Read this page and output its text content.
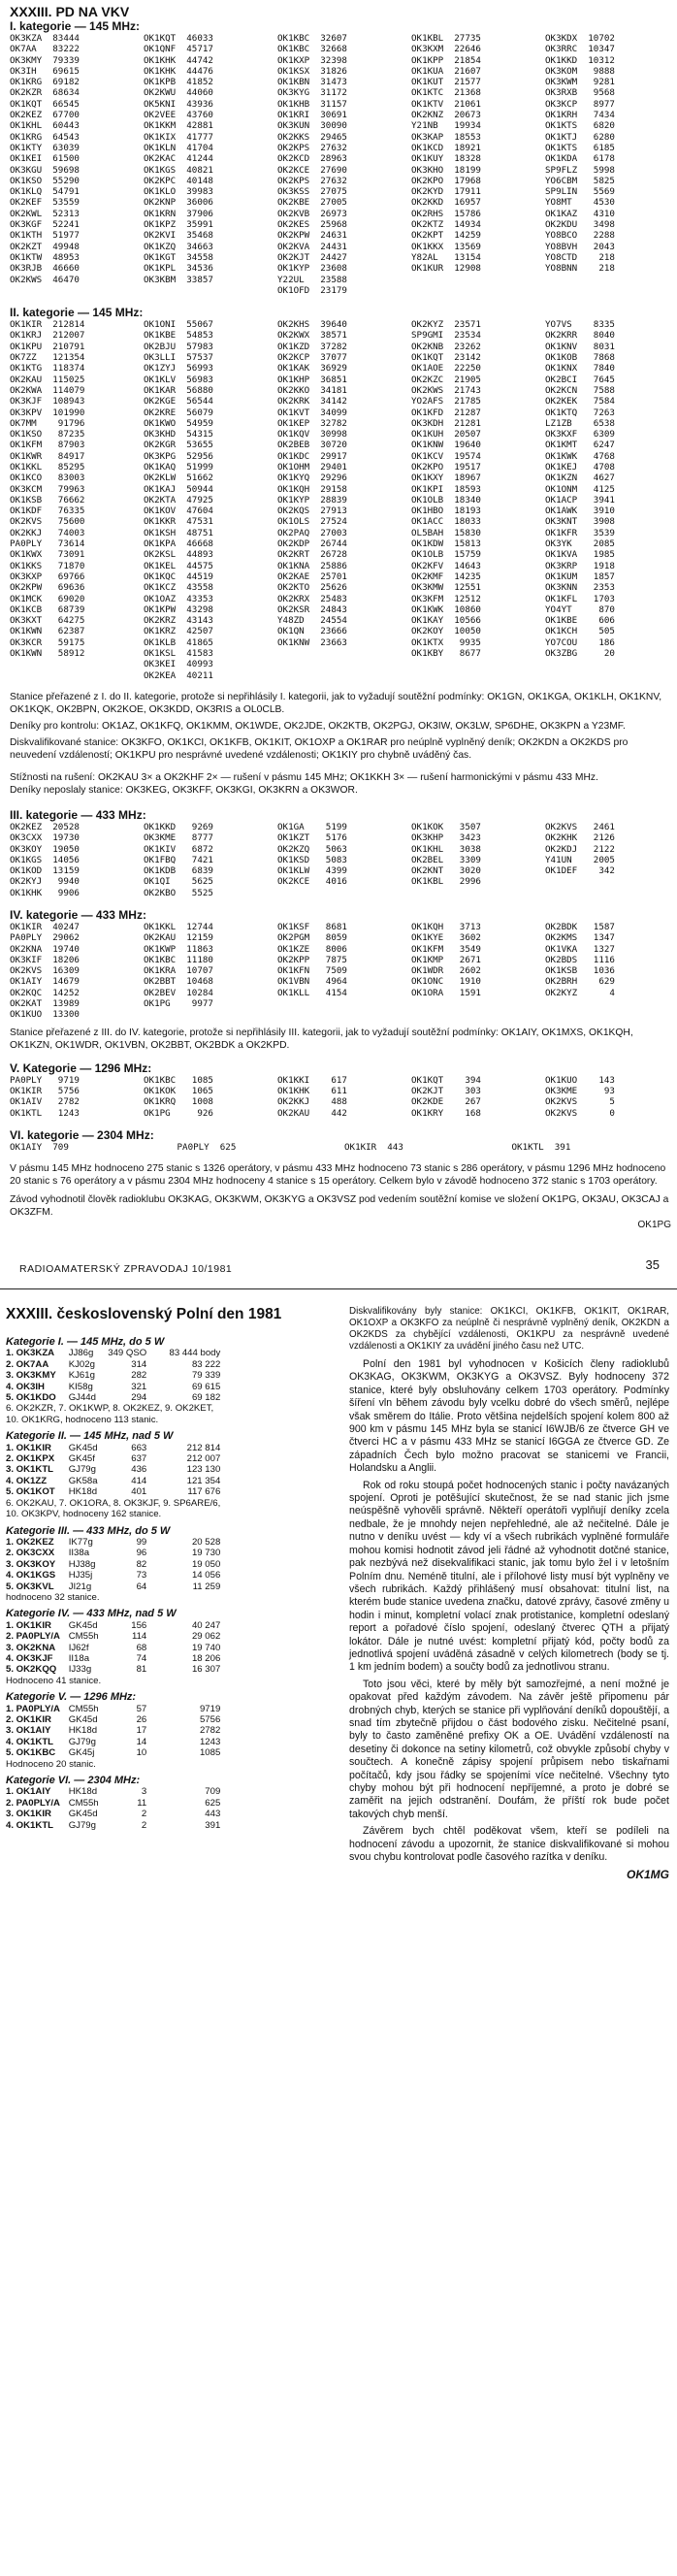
XXXIII. PD NA VKV

I. kategorie — 145 MHz:

OK3KZA  83444
OK7AA   83222
OK3KMY  79339
OK3IH   69615
OK1KRG  69182
OK2KZR  68634
OK1KQT  66545
OK2KEZ  67700
OK1KHL  60443
OK1KRG  64543
OK1KTY  63039
OK1KEI  61500
OK3KGU  59698
OK1KSO  55290
OK1KLQ  54791
OK2KEF  53559
OK2KWL  52313
OK3KGF  52241
OK1KTH  51977
OK2KZT  49948
OK1KTW  48953
OK3RJB  46660
OK2KWS  46470
OK1KQT  46033
OK1QNF  45717
OK1KHK  44742
OK1KHK  44476
OK1KPB  41852
OK2KWU  44060
OK5KNI  43936
OK2VEE  43760
OK1KKM  42881
OK1KIX  41777
OK1KLN  41704
OK2KAC  41244
OK1KGS  40821
OK2KPC  40148
OK1KLO  39983
OK2KNP  36006
OK1KRN  37906
OK1KPZ  35991
OK2KVI  35468
OK1KZQ  34663
OK1KGT  34558
OK1KPL  34536
OK3KBM  33857
OK1KBC  32607
OK1KBC  32668
OK1KXP  32398
OK1KSX  31826
OK1KBN  31473
OK3KYG  31172
OK1KHB  31157
OK1KRI  30691
OK3KUN  30090
OK2KKS  29465
OK2KPS  27632
OK2KCD  28963
OK2KCE  27690
OK2KPS  27632
OK3KSS  27075
OK2KBE  27005
OK2KVB  26973
OK2KES  25968
OK2KPW  24631
OK2KVA  24431
OK2KJT  24427
OK1KYP  23608
Y22UL   23588
OK1OFD  23179
OK1KBL  27735
OK3KXM  22646
OK1KPP  21854
OK1KUA  21607
OK1KUT  21577
OK1KTC  21368
OK1KTV  21061
OK2KNZ  20673
Y21NB   19934
OK3KAP  18553
OK1KCD  18921
OK1KUY  18328
OK3KHO  18199
OK2KPO  17968
OK2KYD  17911
OK2KKD  16957
OK2RHS  15786
OK2KTZ  14934
OK2KPT  14259
OK1KKX  13569
Y82AL   13154
OK1KUR  12908
OK3KDX  10702
OK3RRC  10347
OK1KKD  10312
OK3KOM   9888
OK3KWM   9281
OK3RXB   9568
OK3KCP   8977
OK1KRH   7434
OK1KTS   6820
OK1KTJ   6280
OK1KTS   6185
OK1KDA   6178
SP9FLZ   5998
YO6CBM   5825
SP9LIN   5569
YO8MT    4530
OK1KAZ   4310
OK2KDU   3498
YO8BCO   2288
YO8BVH   2043
YO8CTD    218
YO8BNN    218

II. kategorie — 145 MHz:

OK1KIR  212814
OK1KRJ  212007
OK1KPU  210791
OK7ZZ   121354
OK1KTG  118374
OK2KAU  115025
OK2KWA  114079
OK3KJF  108943
OK3KPV  101990
OK7MM    91796
OK1KSO   87235
OK1KFM   87903
OK1KWR   84917
OK1KKL   85295
OK1KCO   83003
OK3KCM   79963
OK1KSB   76662
OK1KDF   76335
OK2KVS   75600
OK2KKJ   74003
PA0PLY   73614
OK1KWX   73091
OK1KKS   71870
OK3KXP   69766
OK2KPW   69636
OK1MCK   69020
OK1KCB   68739
OK3KXT   64275
OK1KWN   62387
OK3KCR   59175
OK1KWN   58912
OK1ONI  55067
OK1KBE  54853
OK2BJU  57983
OK3LLI  57537
OK1ZYJ  56993
OK1KLV  56983
OK1KAR  56880
OK2KGE  56544
OK2KRE  56079
OK1KWO  54959
OK3KHD  54315
OK2KGR  53655
OK3KPG  52956
OK1KAQ  51999
OK2KLW  51662
OK1KAJ  50944
OK2KTA  47925
OK1KOV  47604
OK1KKR  47531
OK1KSH  48751
OK1KPA  46668
OK2KSL  44893
OK1KEL  44575
OK1KQC  44519
OK1KCZ  43558
OK1OAZ  43353
OK1KPW  43298
OK2KRZ  43143
OK1KRZ  42507
OK1KLB  41865
OK1KSL  41583
OK3KEI  40993
OK2KEA  40211
OK2KHS  39640
OK2KWX  38571
OK1KZD  37282
OK2KCP  37077
OK1KAK  36929
OK1KHP  36851
OK2KKO  34181
OK2KRK  34142
OK1KVT  34099
OK1KEP  32782
OK1KQV  30998
OK2BEB  30720
OK1KDC  29917
OK1OHM  29401
OK1KYQ  29296
OK1KQH  29158
OK1KYP  28839
OK2KQS  27913
OK1OLS  27524
OK2PAQ  27003
OK2KDP  26744
OK2KRT  26728
OK1KNA  25886
OK2KAE  25701
OK2KTO  25626
OK2KRX  25483
OK2KSR  24843
Y48ZD   24554
OK1QN   23666
OK1KNW  23663
OK2KYZ  23571
SP9GMI  23534
OK2KNB  23262
OK1KQT  23142
OK1AOE  22250
OK2KZC  21905
OK2KWS  21743
YO2AFS  21785
OK1KFD  21287
OK3KDH  21281
OK1KUH  20507
OK1KNW  19640
OK1KCV  19574
OK2KPO  19517
OK1KXY  18967
OK1KPI  18593
OK1OLB  18340
OK1HBO  18193
OK1ACC  18033
OL5BAH  15830
OK1KDW  15813
OK1OLB  15759
OK2KFV  14643
OK2KMF  14235
OK3KMW  12551
OK3KFM  12512
OK1KWK  10860
OK1KAY  10566
OK2KOY  10050
OK1KTX   9935
OK1KBY   8677
YO7VS    8335
OK2KRR   8040
OK1KNV   8031
OK1KOB   7868
OK1KNX   7840
OK2BCI   7645
OK2KCN   7588
OK2KEK   7584
OK1KTQ   7263
LZ1ZB    6538
OK3KXF   6309
OK1KMT   6247
OK1KWK   4768
OK1KEJ   4708
OK1KZN   4627
OK1ONM   4125
OK1ACP   3941
OK1AWK   3910
OK3KNT   3908
OK1KFR   3539
OK3YK    2085
OK1KVA   1985
OK3KRP   1918
OK1KUM   1857
OK3KNN   2353
OK1KFL   1703
YO4YT     870
OK1KBE    606
OK1KCH    505
YO7COU    186
OK3ZBG     20

Stanice přeřazené z I. do II. kategorie, protože si nepřihlásily I. kategorii, jak to vyžadují soutěžní podmínky: OK1GN, OK1KGA, OK1KLH, OK1KNV, OK1KQK, OK2BPN, OK2KOE, OK3KDD, OK3RIS a OL0CLB.

Deníky pro kontrolu: OK1AZ, OK1KFQ, OK1KMM, OK1WDE, OK2JDE, OK2KTB, OK2PGJ, OK3IW, OK3LW, SP6DHE, OK3KPN a Y23MF.

Diskvalifikované stanice: OK3KFO, OK1KCI, OK1KFB, OK1KIT, OK1OXP a OK1RAR pro neúplně vyplněný deník; OK2KDN a OK2KDS pro neuvedení vzdáleností; OK1KPU pro nesprávné uvedené vzdálenosti; OK1KIY pro chybně uváděný čas.

Stížnosti na rušení: OK2KAU 3× a OK2KHF 2× — rušení v pásmu 145 MHz; OK1KKH 3× — rušení harmonickými v pásmu 433 MHz.

Deníky neposlaly stanice: OK3KEG, OK3KFF, OK3KGI, OK3KRN a OK3WOR.

III. kategorie — 433 MHz:

OK2KEZ  20528
OK3CXX  19730
OK3KOY  19050
OK1KGS  14056
OK1KOD  13159
OK2KYJ   9940
OK1KHK   9906
OK1KKD   9269
OK3KME   8777
OK1KIV   6872
OK1FBQ   7421
OK1KDB   6839
OK1QI    5625
OK2KBO   5525
OK1GA    5199
OK1KZT   5176
OK2KZQ   5063
OK1KSD   5083
OK1KLW   4399
OK2KCE   4016
OK1KOK   3507
OK3KHP   3423
OK1KHL   3038
OK2BEL   3309
OK2KNT   3020
OK1KBL   2996
OK2KVS   2461
OK2KHK   2126
OK2KDJ   2122
Y41UN    2005
OK1DEF    342

IV. kategorie — 433 MHz:

OK1KIR  40247
PA0PLY  29062
OK2KNA  19740
OK3KIF  18206
OK2KVS  16309
OK1AIY  14679
OK2KQC  14252
OK2KAT  13989
OK1KUO  13300
OK1KKL  12744
OK2KAU  12159
OK1KWP  11863
OK1KBC  11180
OK1KRA  10707
OK2BBT  10468
OK2BEV  10284
OK1PG    9977
OK1KSF   8681
OK2PGM   8059
OK1KZE   8006
OK2KPP   7875
OK1KFN   7509
OK1VBN   4964
OK1KLL   4154
OK1KQH   3713
OK1KYE   3602
OK1KFM   3549
OK1KMP   2671
OK1WDR   2602
OK1ONC   1910
OK1ORA   1591
OK2BDK   1587
OK2KMS   1347
OK1VKA   1327
OK2BDS   1116
OK1KSB   1036
OK2BRH    629
OK2KYZ      4

Stanice přeřazené z III. do IV. kategorie, protože si nepřihlásily III. kategorii, jak to vyžadují soutěžní podmínky: OK1AIY, OK1MXS, OK1KQH, OK1KZN, OK1WDR, OK1VBN, OK2BBT, OK2BDK a OK2KPD.

V. Kategorie — 1296 MHz:

PA0PLY   9719
OK1KIR   5756
OK1AIV   2782
OK1KTL   1243
OK1KBC   1085
OK1KOK   1065
OK1KRQ   1008
OK1PG     926
OK1KKI    617
OK1KHK    611
OK2KKJ    488
OK2KAU    442
OK1KQT    394
OK2KJT    303
OK2KDE    267
OK1KRY    168
OK1KUO    143
OK3KME     93
OK2KVS      5
OK2KVS      0

VI. kategorie — 2304 MHz:

OK1AIY  709	PA0PLY  625	OK1KIR  443	OK1KTL  391

V pásmu 145 MHz hodnoceno 275 stanic s 1326 operátory, v pásmu 433 MHz hodnoceno 73 stanic s 286 operátory, v pásmu 1296 MHz hodnoceno 20 stanic s 76 operátory a v pásmu 2304 MHz hodnoceny 4 stanice s 15 operátory. Celkem bylo v závodě hodnoceno 372 stanic s 1703 operátory.

Závod vyhodnotil člověk radioklubu OK3KAG, OK3KWM, OK3KYG a OK3VSZ pod vedením soutěžní komise ve složení OK1PG, OK3AU, OK3CAJ a OK3ZFM.

OK1PG
RADIOAMATERSKÝ ZPRAVODAJ 10/1981	35
XXXIII. československý Polní den 1981
Kategorie I. — 145 MHz, do 5 W			
1. OK3KZA	JJ86g	349 QSO	83 444 body
2. OK7AA	KJ02g	314	83 222
3. OK3KMY	KJ61g	282	79 339
4. OK3IH	KI58g	321	69 615
5. OK1KDO	GJ44d	294	69 182
6. OK2KZR, 7. OK1KWP, 8. OK2KEZ, 9. OK2KET,
10. OK1KRG, hodnoceno 113 stanic.			
Kategorie II. — 145 MHz, nad 5 W			
1. OK1KIR	GK45d	663	212 814
2. OK1KPX	GK45f	637	212 007
3. OK1KTL	GJ79g	436	123 130
4. OK1ZZ	GK58a	414	121 354
5. OK1KOT	HK18d	401	117 676
6. OK2KAU, 7. OK1ORA, 8. OK3KJF, 9. SP6ARE/6,
10. OK3KPV, hodnoceny 162 stanice.			
Kategorie III. — 433 MHz, do 5 W			
1. OK2KEZ	IK77g	99	20 528
2. OK3CXX	II38a	96	19 730
3. OK3KOY	HJ38g	82	19 050
4. OK1KGS	HJ35j	73	14 056
5. OK3KVL	JI21g	64	11 259
hodnoceno 32 stanice.			
Kategorie IV. — 433 MHz, nad 5 W			
1. OK1KIR	GK45d	156	40 247
2. PA0PLY/A	CM55h	114	29 062
3. OK2KNA	IJ62f	68	19 740
4. OK3KJF	II18a	74	18 206
5. OK2KQQ	IJ33g	81	16 307
Hodnoceno 41 stanice.			
Kategorie V. — 1296 MHz:			
1. PA0PLY/A	CM55h	57	9719
2. OK1KIR	GK45d	26	5756
3. OK1AIY	HK18d	17	2782
4. OK1KTL	GJ79g	14	1243
5. OK1KBC	GK45j	10	1085
Hodnoceno 20 stanic.			
Kategorie VI. — 2304 MHz:			
1. OK1AIY	HK18d	3	709
2. PA0PLY/A	CM55h	11	625
3. OK1KIR	GK45d	2	443
4. OK1KTL	GJ79g	2	391

Diskvalifikovány byly stanice: OK1KCI, OK1KFB, OK1KIT, OK1RAR, OK1OXP a OK3KFO za neúplně či nesprávně vyplněný deník, OK2KDN a OK2KDS za chybějící vzdálenosti, OK1KPU za nesprávně uvedené vzdálenosti a OK1KIY za uvádění jiného času než UTC.

Polní den 1981 byl vyhodnocen v Košicích členy radioklubů OK3KAG, OK3KWM, OK3KYG a OK3VSZ. Byly hodnoceny 372 stanice, které byly obsluhovány celkem 1703 operátory. Podmínky šíření vln během závodu byly vcelku dobré do všech směrů, nejlépe však směrem do Itálie. Proto většina nejdelších spojení kolem 800 až 900 km v pásmu 145 MHz byla se stanicí I6WJB/6 ze čtverce GH ve čtverci HC a v pásmu 433 MHz se stanicí I6GGA ze čtverce GD. Ze západních Čech bylo možno pracovat se stanicemi ve Francii, Holandsku a Anglii.

Rok od roku stoupá počet hodnocených stanic i počty navázaných spojení. Oproti je potěšující skutečnost, že se nad stanic jich jsme neúspěšně vyhověli správně. Někteří operátoři vyplňují deníky zcela nedbale, že je mnohdy nejen nepřehledné, ale až nečitelné. Dále je nutno v deníku uvést — kdy ví a všech rubrikách vyplněné formuláře mohou komisi hodnotit závod jeli řádné až vyhodnotit dotčné stanice, pak nezbývá než disekvalifikaci stanic, jak tomu bylo žel i v letošním Polním dnu. Neméně titulní, ale i přílohové listy musí být vyplněny ve všech rubrikách. Každý přihlášený musí obsahovat: titulní list, na kterém bude stanice uvedena značku, datové zprávy, časové změny u hodin i minut, kompletní volací znak protistanice, kompletní odeslaný report a pořadové číslo spojení, odeslaný čtverec QTH a přijatý lokátor. Dále je nutné uvést: kompletní přijatý kód, počty bodů za jednotlivá spojení uváděná zásadně v celých kilometrech (body se tj. 1 km jedním bodem) a součty bodů za jednotlivou stranu.

Toto jsou věci, které by měly být samozřejmé, a není možné je opakovat před každým závodem. Na závěr ještě připomenu pár drobných chyb, kterých se stanice při vyplňování deníků dopouštějí, a snad tím zbytečně přijdou o část bodového zisku. Nečitelné psaní, byly to často zaměněné prefixy OK a OE. Uvádění vzdáleností na desetiny či dokonce na setiny kilometrů, což obvykle způsobí chyby v součtech. A konečně zápisy spojení průpisem nebo tiskařnami počítačů, kdy jsou řádky se spojeními více nečitelné. Všechny tyto chyby mohou být při hodnocení nepříjemné, a proto je dobré se zaměřit na jejich odstranění. Doufám, že příští rok bude počet takových chyb menší.

Závěrem bych chtěl poděkovat všem, kteří se podíleli na hodnocení závodu a upozornit, že stanice diskvalifikované si mohou svou chybu kontrolovat podle časového razítka v deníku.

OK1MG
